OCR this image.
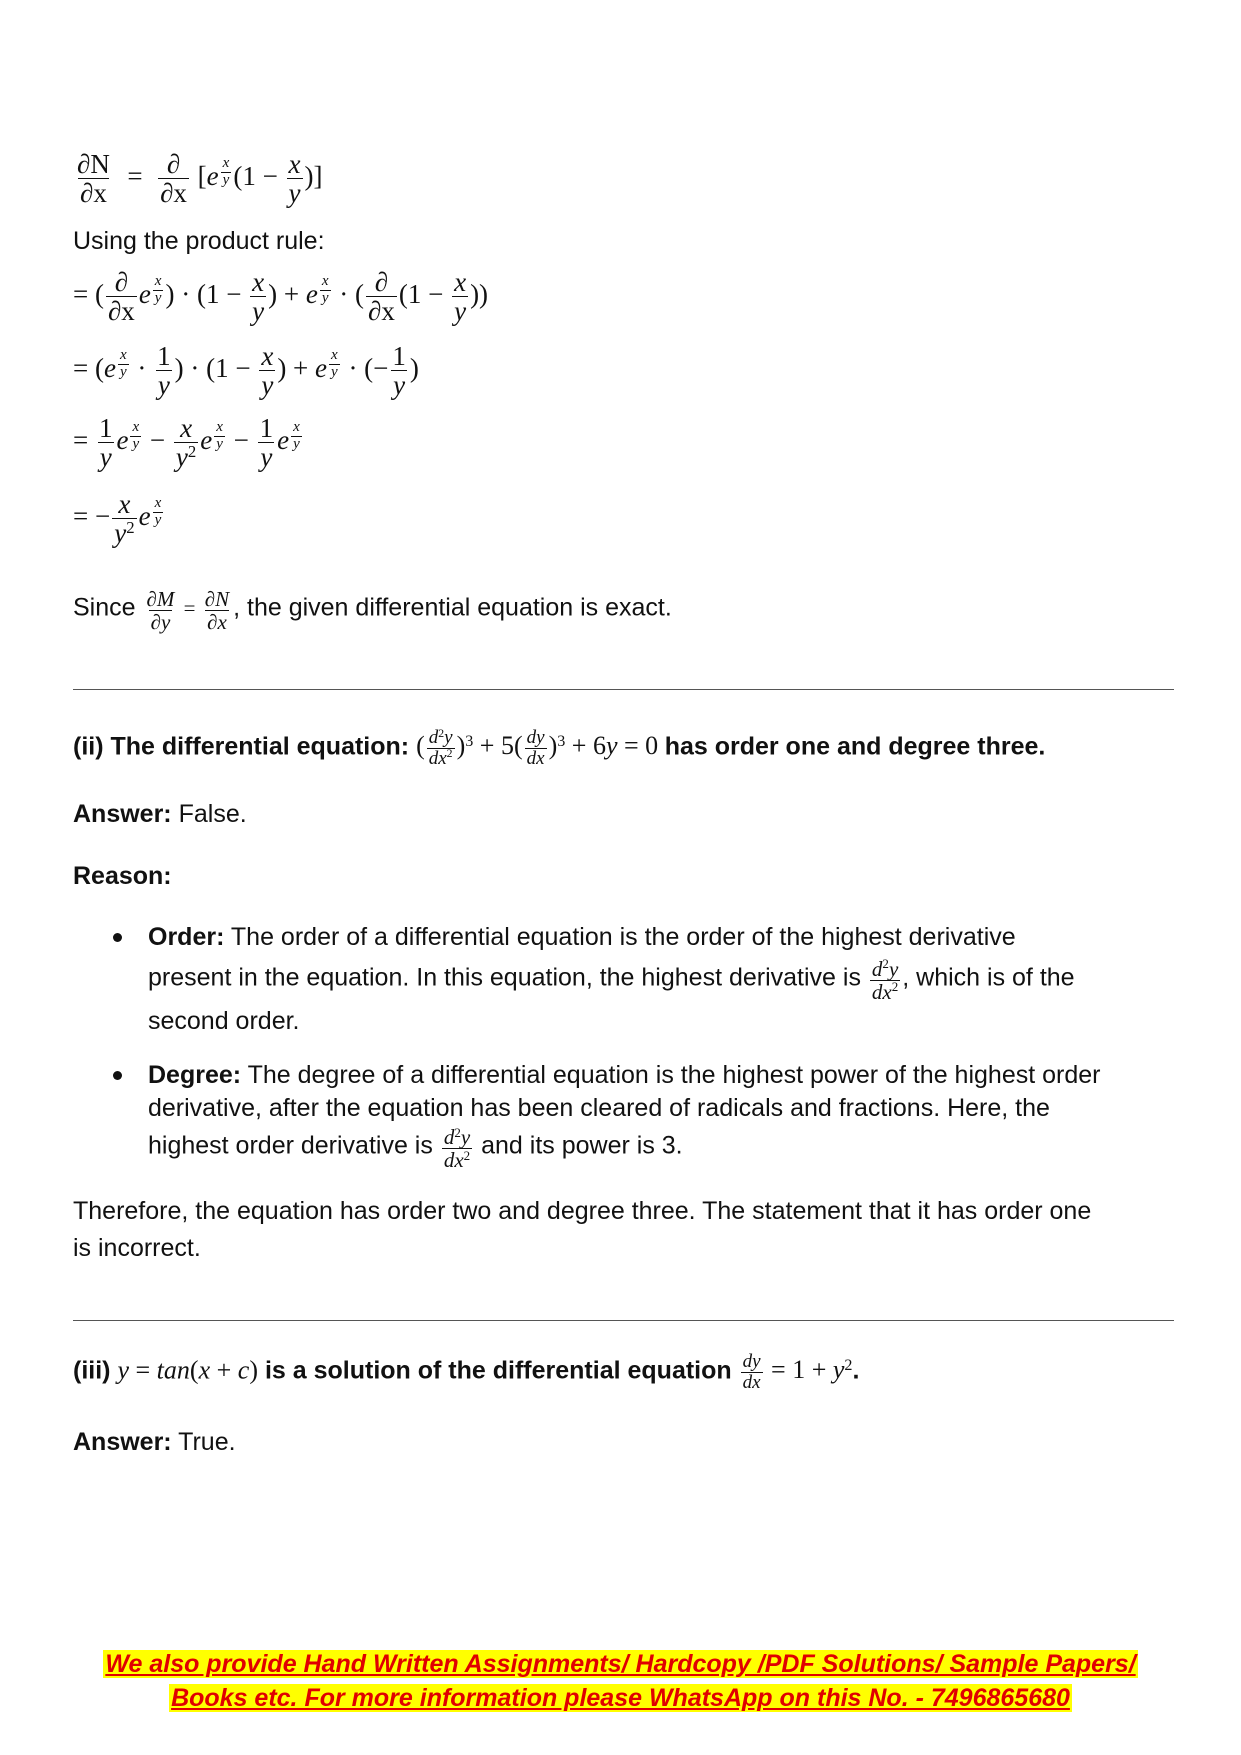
$\frac{\partial N}{\partial x} = \frac{\partial}{\partial x} [e$ $^{\frac{x}{y}}$ ($1 - \frac{x}{y}$ )]
Using the product rule:
= ( $\frac{\partial}{\partial x}$ e $^{\frac{x}{y}}$ ) · ($1 - \frac{x}{y}$ ) + e $^{\frac{x}{y}}$ · ( $\frac{\partial}{\partial x} (1 - \frac{x}{y}$ ))
= (e $^{\frac{x}{y}} \cdot \frac{1}{y}$ ) · ($1 - \frac{x}{y}$ ) + e $^{\frac{x}{y}}$ · (− $\frac{1}{y}$ )
= $\frac{1}{y}$ e $^{\frac{x}{y}} - \frac{x}{y^2}$ e $^{\frac{x}{y}} - \frac{1}{y}$ e $^{\frac{x}{y}}$
= − $\frac{x}{y^2}$ e $^{\frac{x}{y}}$
Since $\frac{\partial M}{\partial y} = \frac{\partial N}{\partial x}$ , the given differential equation is exact.
(ii) The differential equation: ( $\frac{d^2y}{dx^2} )^3 + 5( \frac{dy}{dx} )^3 + 6y = 0$ has order one and degree three.
Answer: False.
Reason:
Order: The order of a differential equation is the order of the highest derivative
present in the equation. In this equation, the highest derivative is $\frac{d^2y}{dx^2}$ , which is of the
second order.
Degree: The degree of a differential equation is the highest power of the highest order
derivative, after the equation has been cleared of radicals and fractions. Here, the
highest order derivative is $\frac{d^2y}{dx^2}$ and its power is 3.
Therefore, the equation has order two and degree three. The statement that it has order one
is incorrect.
(iii) y = tan(x + c) is a solution of the differential equation $\frac{dy}{dx} = 1 + y^2$.
Answer: True.
We also provide Hand Written Assignments/ Hardcopy /PDF Solutions/ Sample Papers/
Books etc. For more information please WhatsApp on this No. - 7496865680
